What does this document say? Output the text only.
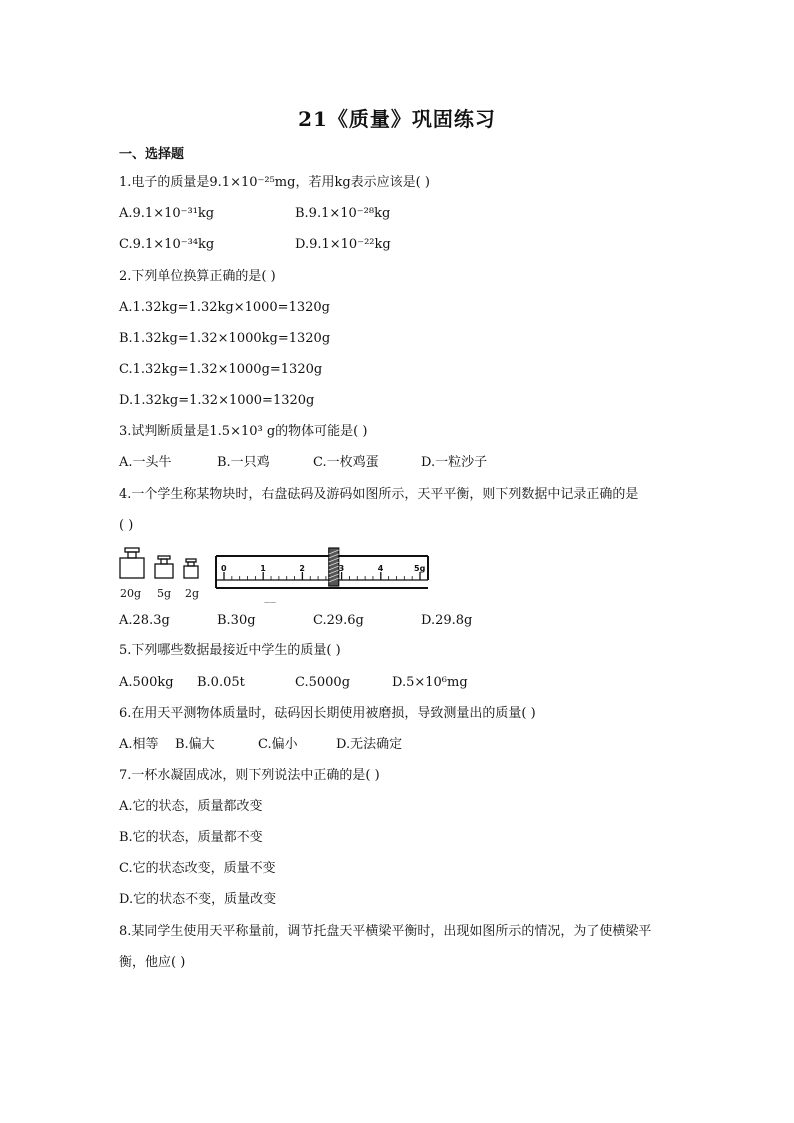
21《质量》巩固练习
一、选择题
1.电子的质量是9.1×10⁻²⁵mg，若用kg表示应该是( )
A.9.1×10⁻³¹kg	B.9.1×10⁻²⁸kg
C.9.1×10⁻³⁴kg	D.9.1×10⁻²²kg
2.下列单位换算正确的是( )
A.1.32kg=1.32kg×1000=1320g
B.1.32kg=1.32×1000kg=1320g
C.1.32kg=1.32×1000g=1320g
D.1.32kg=1.32×1000=1320g
3.试判断质量是1.5×10³ g的物体可能是( )
A.一头牛	B.一只鸡	C.一枚鸡蛋	D.一粒沙子
4.一个学生称某物块时，右盘砝码及游码如图所示，天平平衡，则下列数据中记录正确的是
( )
0	1	2	3	4	5g
——
20g 5g 2g
A.28.3g	B.30g	C.29.6g	D.29.8g
5.下列哪些数据最接近中学生的质量( )
A.500kg B.0.05t	C.5000g	D.5×10⁶mg
6.在用天平测物体质量时，砝码因长期使用被磨损，导致测量出的质量( )
A.相等 B.偏大	C.偏小	D.无法确定
7.一杯水凝固成冰，则下列说法中正确的是( )
A.它的状态，质量都改变
B.它的状态，质量都不变
C.它的状态改变，质量不变
D.它的状态不变，质量改变
8.某同学生使用天平称量前，调节托盘天平横梁平衡时，出现如图所示的情况，为了使横梁平
衡，他应( )
